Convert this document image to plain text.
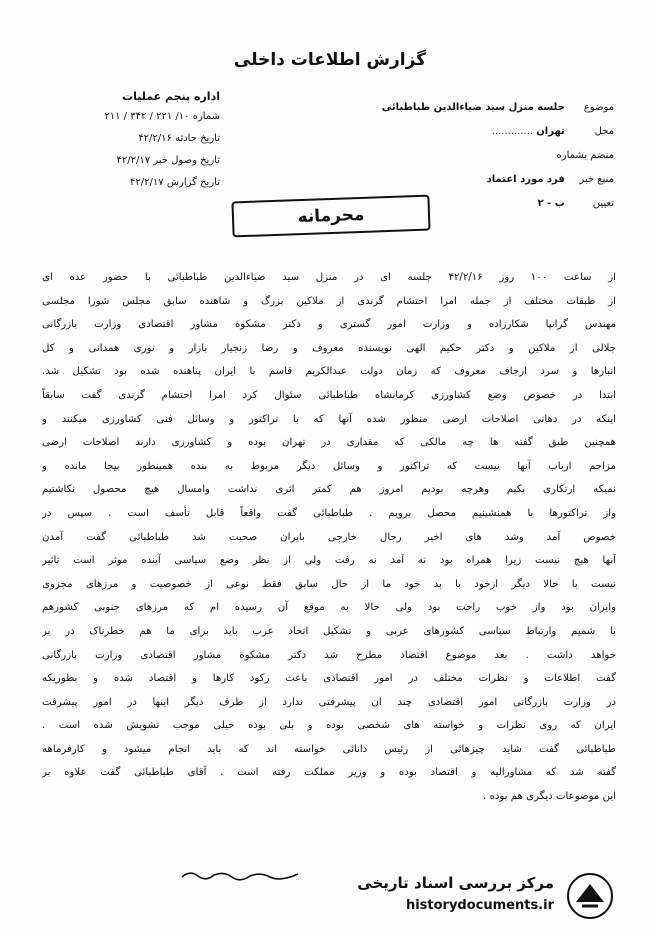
گزارش اطلاعات داخلی
اداره پنجم عملیات
شماره ۱۰/ ۲۲۱ / ۳۴۲ / ۲۱۱
تاریخ حادثه ۴۲/۲/۱۶
تاریخ وصول خبر ۴۲/۲/۱۷
تاریخ گزارش ۴۲/۲/۱۷
موضوع جلسه منزل سید ضیاءالدین طباطبائی
محل تهران .............
منضم بشماره
منبع خبر فرد مورد اعتماد
تعیین ب - ۲
محرمانه
از ساعت ۱۰۰ روز ۴۲/۲/۱۶ جلسه ای در منزل سید ضیاءالدین طباطبائی با حضور عده ای
از طبقات مختلف از جمله امرا احتشام گرندی از ملاکین بزرگ و شاهنده سابق مجلس شورا مجلسی
مهندس گرانپا شکارزاده و وزارت امور گستری و دکتر مشکوة مشاور اقتصادی وزارت بازرگانی
جلالی از ملاکین و دکتر حکیم الهی نویسنده معروف و رضا زنجیار بازار و نوری همدانی و کل
انبارها و سرد ارجاف معروف که زمان دولت عبدالکریم قاسم با ایران پناهنده شده بود تشکیل شد.
ابتدا در خصوص وضع کشاورزی کرمانشاه طباطبائی سئوال کرد امرا احتشام گرندی گفت سابقاً
اینکه در دهاتی اصلاحات ارضی منظور شده آنها که با تراکتور و وسائل فنی کشاورزی میکنند و
همچنین طبق گفته ها چه مالکی که مقداری در تهران بوده و کشاورزی دارند اصلاحات ارضی
مزاحم ارباب آنها نیست که تراکتور و وسائل دیگر مربوط به بنده همینطور بیجا مانده و
نمیکه ارتکاری بکیم وهرچه بودیم امروز هم کمتر اثری نداشت وامسال هیچ محصول نکاشتیم
واز تراکتورها با همنشینیم محصل برویم . طباطبائی گفت واقعاً قابل تأسف است . سپس در
خصوص آمد وشد های اخیر رجال خارجی بایران صحبت شد طباطبائی گفت آمدن
آنها هیچ نیست زیرا همراه بود نه آمد نه رفت ولی از نظر وضع سیاسی آینده موثر است تاثیر
نیست با حالا دیگر ازخود با بد خود ما از حال سابق فقط نوعی از خصوصیت و مرزهای مجزوی
وایران بود واز خوب راحت بود ولی حالا به موقع آن رسیده ام که مرزهای جنوبی کشورهم
با شمیم وارتباط سیاسی کشورهای عربی و تشکیل اتحاد عرب باید برای ما هم خطرناک در بر
خواهد داشت . بعد موضوع اقتصاد مطرح شد دکتر مشکوة مشاور اقتصادی وزارت بازرگانی
گفت اطلاعات و نظرات مختلف در امور اقتصادی باعث رکود کارها و اقتصاد شده و بطوریکه
در وزارت بازرگانی امور اقتصادی چند ان پیشرفتی ندارد از طرف دیگر اینها در امور پیشرفت
ایران که روی نظرات و خواسته های شخصی بوده و بلی بوده خیلی موجب تشویش شده است .
طباطبائی گفت شاید چیزهائی از رئیس دانائی خواسته اند که باید انجام میشود و کارفرماهه
گفته شد که مشاورالیه و اقتصاد بوده و وزیر مملکت رفته است . آقای طباطبائی گفت علاوه بر
این موضوعات دیگری هم بوده .
مرکز بررسی اسناد تاریخی
historydocuments.ir
